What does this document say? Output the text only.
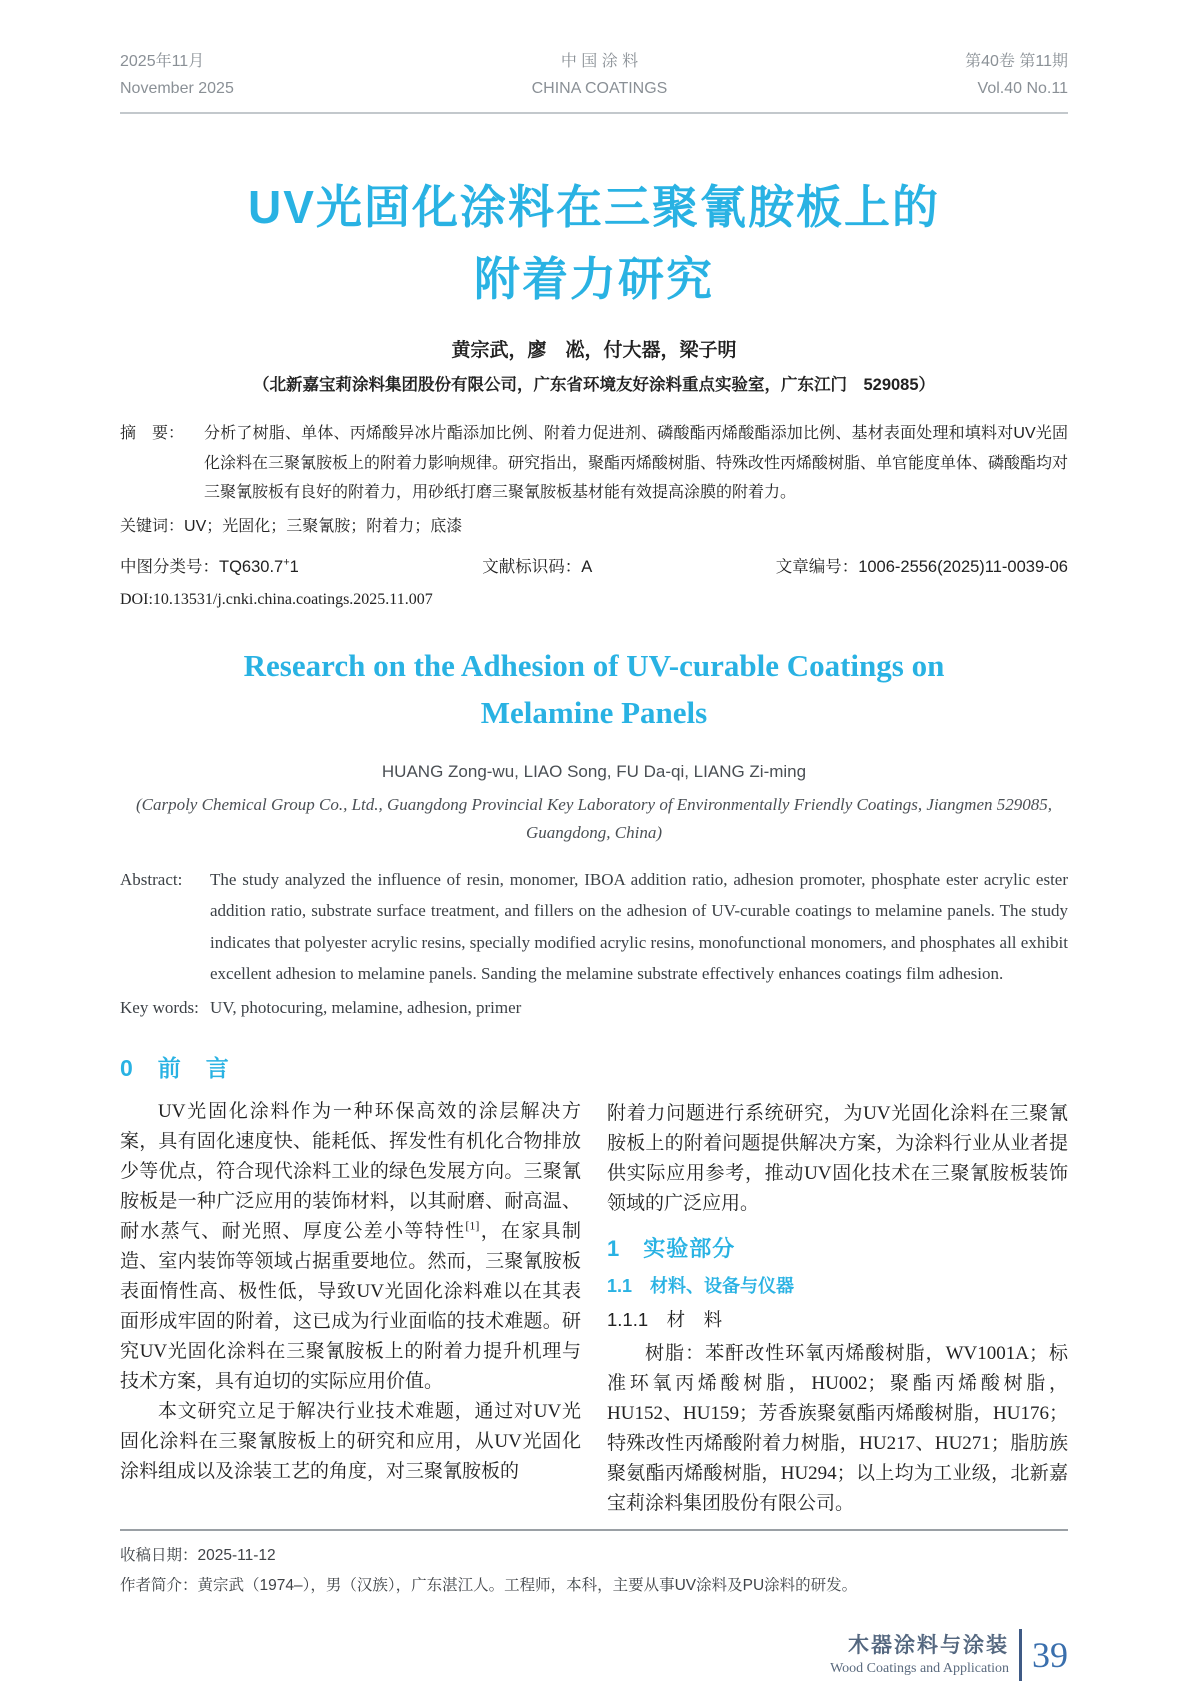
2025年11月
November 2025
中 国 涂 料
CHINA COATINGS
第40卷 第11期
Vol.40 No.11
UV光固化涂料在三聚氰胺板上的
附着力研究
黄宗武，廖　凇，付大器，梁子明
（北新嘉宝莉涂料集团股份有限公司，广东省环境友好涂料重点实验室，广东江门　529085）
摘　要：	分析了树脂、单体、丙烯酸异冰片酯添加比例、附着力促进剂、磷酸酯丙烯酸酯添加比例、基材表面处理和填料对UV光固化涂料在三聚氰胺板上的附着力影响规律。研究指出，聚酯丙烯酸树脂、特殊改性丙烯酸树脂、单官能度单体、磷酸酯均对三聚氰胺板有良好的附着力，用砂纸打磨三聚氰胺板基材能有效提高涂膜的附着力。
关键词： UV；光固化；三聚氰胺；附着力；底漆
中图分类号：TQ630.7+1	文献标识码：A	文章编号：1006-2556(2025)11-0039-06
DOI:10.13531/j.cnki.china.coatings.2025.11.007
Research on the Adhesion of UV-curable Coatings on
Melamine Panels
HUANG Zong-wu, LIAO Song, FU Da-qi, LIANG Zi-ming
(Carpoly Chemical Group Co., Ltd., Guangdong Provincial Key Laboratory of Environmentally Friendly Coatings, Jiangmen 529085, Guangdong, China)
Abstract:	The study analyzed the influence of resin, monomer, IBOA addition ratio, adhesion promoter, phosphate ester acrylic ester addition ratio, substrate surface treatment, and fillers on the adhesion of UV-curable coatings to melamine panels. The study indicates that polyester acrylic resins, specially modified acrylic resins, monofunctional monomers, and phosphates all exhibit excellent adhesion to melamine panels. Sanding the melamine substrate effectively enhances coatings film adhesion.
Key words: UV, photocuring, melamine, adhesion, primer
0　前　言

UV光固化涂料作为一种环保高效的涂层解决方案，具有固化速度快、能耗低、挥发性有机化合物排放少等优点，符合现代涂料工业的绿色发展方向。三聚氰胺板是一种广泛应用的装饰材料，以其耐磨、耐高温、耐水蒸气、耐光照、厚度公差小等特性[1]，在家具制造、室内装饰等领域占据重要地位。然而，三聚氰胺板表面惰性高、极性低，导致UV光固化涂料难以在其表面形成牢固的附着，这已成为行业面临的技术难题。研究UV光固化涂料在三聚氰胺板上的附着力提升机理与技术方案，具有迫切的实际应用价值。

本文研究立足于解决行业技术难题，通过对UV光固化涂料在三聚氰胺板上的研究和应用，从UV光固化涂料组成以及涂装工艺的角度，对三聚氰胺板的

附着力问题进行系统研究，为UV光固化涂料在三聚氰胺板上的附着问题提供解决方案，为涂料行业从业者提供实际应用参考，推动UV固化技术在三聚氰胺板装饰领域的广泛应用。

1　实验部分
1.1　材料、设备与仪器
1.1.1　材　料

树脂：苯酐改性环氧丙烯酸树脂，WV1001A；标准环氧丙烯酸树脂，HU002；聚酯丙烯酸树脂，HU152、HU159；芳香族聚氨酯丙烯酸树脂，HU176；特殊改性丙烯酸附着力树脂，HU217、HU271；脂肪族聚氨酯丙烯酸树脂，HU294；以上均为工业级，北新嘉宝莉涂料集团股份有限公司。

收稿日期：2025-11-12
作者简介：黄宗武（1974–），男（汉族），广东湛江人。工程师，本科，主要从事UV涂料及PU涂料的研发。
木器涂料与涂装
Wood Coatings and Application 39
